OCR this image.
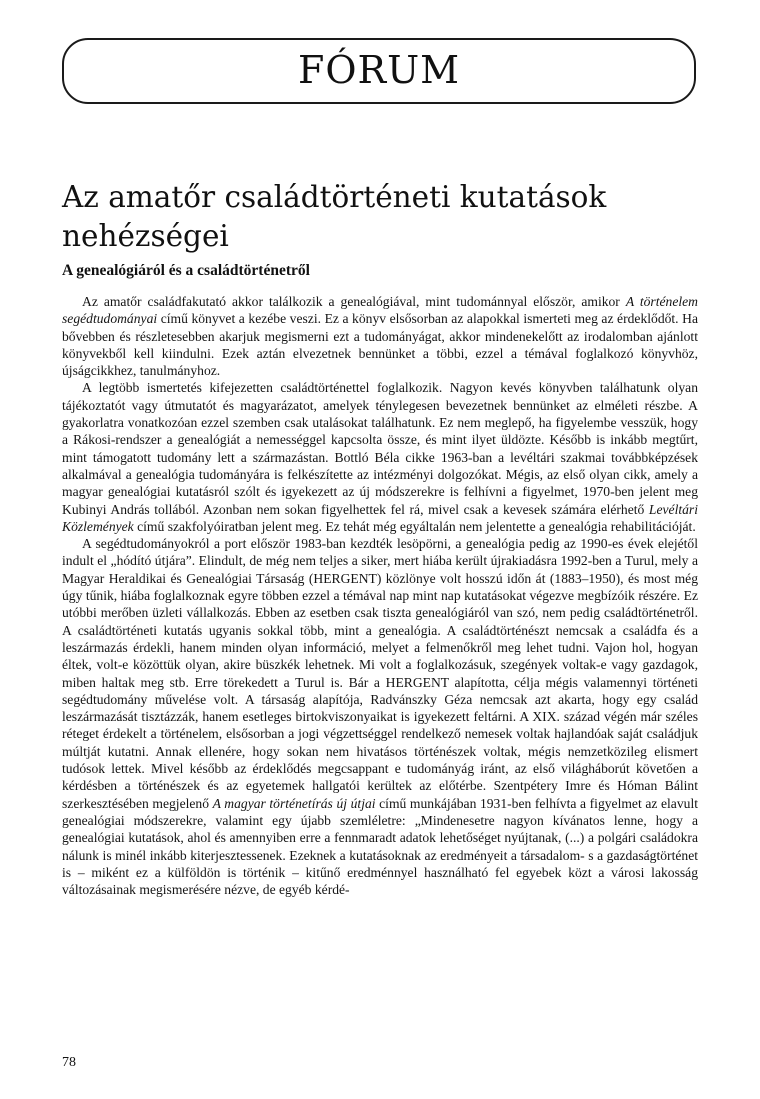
FÓRUM
Az amatőr családtörténeti kutatások nehézségei
A genealógiáról és a családtörténetről

Az amatőr családfakutató akkor találkozik a genealógiával, mint tudománnyal először, amikor A történelem segédtudományai című könyvet a kezébe veszi. Ez a könyv elsősorban az alapokkal ismerteti meg az érdeklődőt. Ha bővebben és részletesebben akarjuk megismerni ezt a tudományágat, akkor mindenekelőtt az irodalomban ajánlott könyvekből kell kiindulni. Ezek aztán elvezetnek bennünket a többi, ezzel a témával foglalkozó könyvhöz, újságcikkhez, tanulmányhoz.

A legtöbb ismertetés kifejezetten családtörténettel foglalkozik. Nagyon kevés könyvben találhatunk olyan tájékoztatót vagy útmutatót és magyarázatot, amelyek ténylegesen bevezetnek bennünket az elméleti részbe. A gyakorlatra vonatkozóan ezzel szemben csak utalásokat találhatunk. Ez nem meglepő, ha figyelembe vesszük, hogy a Rákosi-rendszer a genealógiát a nemességgel kapcsolta össze, és mint ilyet üldözte. Később is inkább megtűrt, mint támogatott tudomány lett a származástan. Bottló Béla cikke 1963-ban a levéltári szakmai továbbképzések alkalmával a genealógia tudományára is felkészítette az intézményi dolgozókat. Mégis, az első olyan cikk, amely a magyar genealógiai kutatásról szólt és igyekezett az új módszerekre is felhívni a figyelmet, 1970-ben jelent meg Kubinyi András tollából. Azonban nem sokan figyelhettek fel rá, mivel csak a kevesek számára elérhető Levéltári Közlemények című szakfolyóiratban jelent meg. Ez tehát még egyáltalán nem jelentette a genealógia rehabilitációját.

A segédtudományokról a port először 1983-ban kezdték lesöpörni, a genealógia pedig az 1990-es évek elejétől indult el „hódító útjára”. Elindult, de még nem teljes a siker, mert hiába került újrakiadásra 1992-ben a Turul, mely a Magyar Heraldikai és Genealógiai Társaság (HERGENT) közlönye volt hosszú időn át (1883–1950), és most még úgy tűnik, hiába foglalkoznak egyre többen ezzel a témával nap mint nap kutatásokat végezve megbízóik részére. Ez utóbbi merőben üzleti vállalkozás. Ebben az esetben csak tiszta genealógiáról van szó, nem pedig családtörténetről. A családtörténeti kutatás ugyanis sokkal több, mint a genealógia. A családtörténészt nemcsak a családfa és a leszármazás érdekli, hanem minden olyan információ, melyet a felmenőkről meg lehet tudni. Vajon hol, hogyan éltek, volt-e közöttük olyan, akire büszkék lehetnek. Mi volt a foglalkozásuk, szegények voltak-e vagy gazdagok, miben haltak meg stb. Erre törekedett a Turul is. Bár a HERGENT alapította, célja mégis valamennyi történeti segédtudomány művelése volt. A társaság alapítója, Radvánszky Géza nemcsak azt akarta, hogy egy család leszármazását tisztázzák, hanem esetleges birtokviszonyaikat is igyekezett feltárni. A XIX. század végén már széles réteget érdekelt a történelem, elsősorban a jogi végzettséggel rendelkező nemesek voltak hajlandóak saját családjuk múltját kutatni. Annak ellenére, hogy sokan nem hivatásos történészek voltak, mégis nemzetközileg elismert tudósok lettek. Mivel később az érdeklődés megcsappant e tudományág iránt, az első világháborút követően a kérdésben a történészek és az egyetemek hallgatói kerültek az előtérbe. Szentpétery Imre és Hóman Bálint szerkesztésében megjelenő A magyar történetírás új útjai című munkájában 1931-ben felhívta a figyelmet az elavult genealógiai módszerekre, valamint egy újabb szemléletre: „Mindenesetre nagyon kívánatos lenne, hogy a genealógiai kutatások, ahol és amennyiben erre a fennmaradt adatok lehetőséget nyújtanak, (...) a polgári családokra nálunk is minél inkább kiterjesztessenek. Ezeknek a kutatásoknak az eredményeit a társadalom- s a gazdaságtörténet is – miként ez a külföldön is történik – kitűnő eredménnyel használható fel egyebek közt a városi lakosság változásainak megismerésére nézve, de egyéb kérdé-

78
